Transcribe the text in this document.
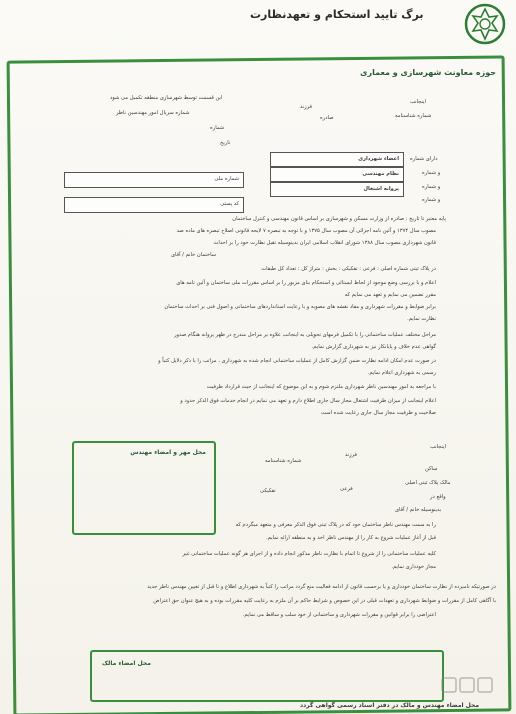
برگ تایید استحکام و تعهدنظارت
حوزه معاونت شهرسازی و معماری
این قسمت توسط شهرسازی منطقه تکمیل می شود
شماره سریال امور مهندسین ناظر
شماره
تاریخ
اینجانب
فرزند
شماره شناسنامه
صادره
دارای شماره
و شماره
و شماره
و شماره
اعضاء شهرداری
نظام مهندسی
پروانه اشتغال
شماره ملی
کد پستی
پایه معتبر تا تاریخ : صادره از وزارت مسکن و شهرسازی بر اساس قانون مهندسی و کنترل ساختمان
مصوب سال ۱۳۷۴ و آئین نامه اجرائی آن مصوب سال ۱۳۷۵ و با توجه به تبصره ۷ لایحه قانونی اصلاح تبصره های ماده صد
قانون شهرداری مصوب سال ۱۳۸۸ شورای انقلاب اسلامی ایران بدینوسیله تقبل نظارت خود را بر احداث
ساختمان خانم / آقای
در پلاک ثبتی شماره اصلی : فرعی : تفکیکی : بخش : متراژ کل : تعداد کل طبقات
اعلام و با بررسی وضع موجود از لحاظ ایستائی و استحکام بنای مزبور را بر اساس مقررات ملی ساختمان و آئین نامه های
مقرر تضمین می نمایم و تعهد می نمایم که
برابر ضوابط و مقررات شهرداری و مفاد نقشه های مصوبه و با رعایت استانداردهای ساختمانی و اصول فنی بر احداث ساختمان
نظارت نمایم.
مراحل مختلف عملیات ساختمانی را با تکمیل فرمهای تحویلی به اینجانب علاوه بر مراحل مندرج در ظهر پروانه هنگام صدور
گواهی عدم خلاف و پایانکار نیز به شهرداری گزارش نمایم.
در صورت عدم امکان ادامه نظارت ضمن گزارش کامل از عملیات ساختمانی انجام شده به شهرداری ، مراتب را با ذکر دلایل کتباً و
رسمی به شهرداری اعلام نمایم.
با مراجعه به امور مهندسین ناظر شهرداری ملتزم شوم و به این موضوع که اینجانب از حیث قرارداد ظرفیت
اعلام اینجانب از میزان ظرفیت اشتغال مجاز سال جاری اطلاع دارم و تعهد می نمایم در انجام خدمات فوق الذکر حدود و
صلاحیت و ظرفیت مجاز سال جاری رعایت شده است
محل مهر و امضاء مهندس
اینجانب
فرزند
شماره شناسنامه
ساکن
مالک پلاک ثبتی اصلی
فرعی
تفکیکی
واقع در
بدینوسیله خانم / آقای
را به سمت مهندس ناظر ساختمان خود که در پلاک ثبتی فوق الذکر معرفی و متعهد میگردم که
قبل از آغاز عملیات شروع به کار را از مهندس ناظر اخذ و به منطقه ارائه نمایم.
کلیه عملیات ساختمانی را از شروع تا اتمام با نظارت ناظر مذکور انجام داده و از اجرای هر گونه عملیات ساختمانی غیر
مجاز خودداری نمایم.
در صورتیکه نامبرده از نظارت ساختمان خودداری و یا برحسب قانون از ادامه فعالیت منع گردد مراتب را کتباً به شهرداری اطلاع و تا قبل از تعیین مهندس ناظر جدید
با آگاهی کامل از مقررات و ضوابط شهرداری و تعهدات قبلی در این خصوص و شرایط حاکم بر آن ملزم به رعایت کلیه مقررات بوده و به هیچ عنوان حق اعتراض
اعتراضی را برابر قوانین و مقررات شهرداری و ساختمانی از خود سلب و ساقط می نمایم.
محل امضاء مالک
محل امضاء مهندس و مالک در دفتر اسناد رسمی گواهی گردد
